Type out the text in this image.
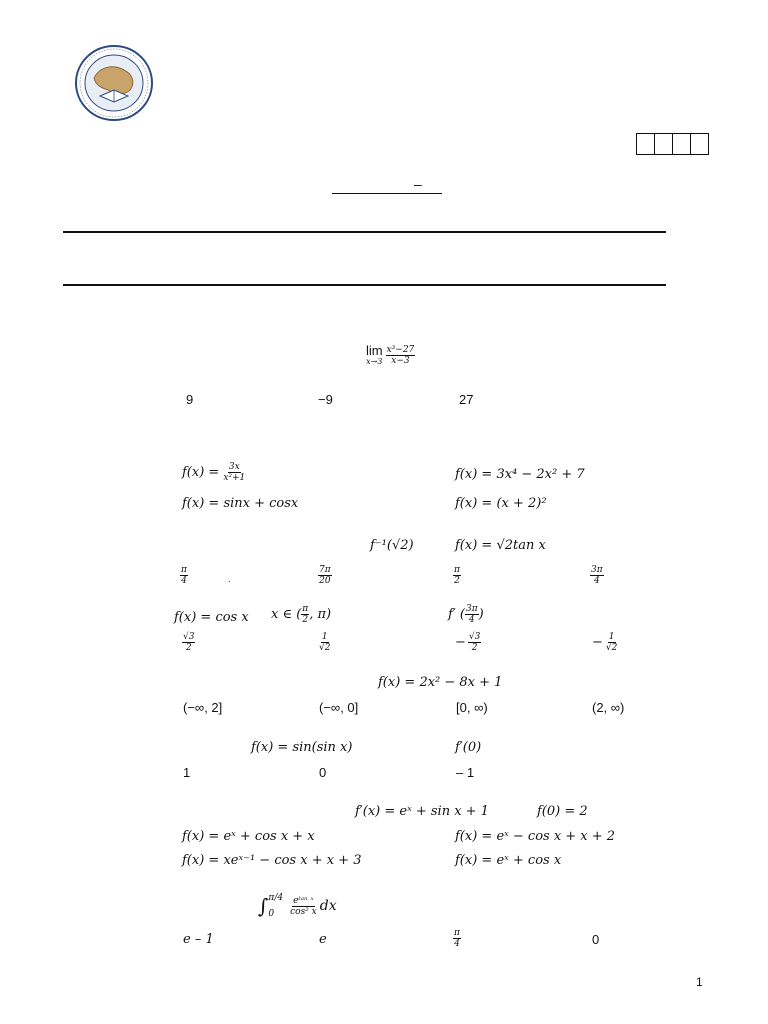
–
lim
$x\to 3 \frac{\text{x³−27}}{x-3}$
9	−9	27
$f(x) = \frac{3x}{\text{x²+1}}$	f(x) = 3x⁴ − 2x² + 7
f(x) = sinx + cosx	f(x) = (x + 2)²
f⁻¹(√2)	f(x) = √2tan x
$\frac{\pi}{4}$	.	$\frac{7\pi}{20}$	$\frac{\pi}{2}$	$\frac{3\pi}{4}$
f(x) = cos x x ∈ ( $\frac{\pi}{2}$ , π)	f′ ( $\frac{3\pi}{4}$ )
$\frac{√3}{2}$	$\frac{1}{√2}$	− $\frac{√3}{2}$	− $\frac{1}{√2}$
f(x) = 2x² − 8x + 1
(−∞, 2]	(−∞, 0]	[0, ∞)	(2, ∞)
f(x) = sin(sin x)	f′(0)
1	0	– 1
f′(x) = eˣ + sin x + 1	f(0) = 2
f(x) = eˣ + cos x + x	f(x) = eˣ − cos x + x + 2
f(x) = xeˣ⁻¹ − cos x + x + 3	f(x) = eˣ + cos x
∫ π/4
0	$\frac{\text{eᵗᵃⁿ ˣ}}{\text{cos² x}}$ dx
e – 1	e	$\frac{\pi}{4}$	0
1
